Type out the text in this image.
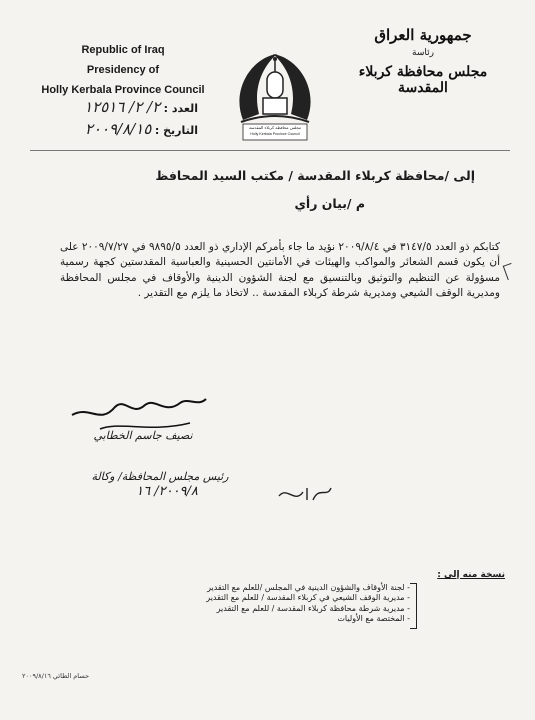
Republic of Iraq
Presidency of
Holly Kerbala Province Council
العدد : ٢/ ٢/ ١٢٥١٦
التاريخ : ٢٠٠٩/٨/١٥	مجلس محافظة كربلاء المقدسة
Holly Kerbala Province Council
جمهورية العراق
رئاسة
مجلس محافظة كربلاء المقدسة
إلى /محافظة كربلاء المقدسة / مكتب السيد المحافظ
م /بيان رأي
كتابكم ذو العدد ٣١٤٧/٥ في ٢٠٠٩/٨/٤ نؤيد ما جاء بأمركم الإداري ذو العدد ٩٨٩٥/٥ في ٢٠٠٩/٧/٢٧ على أن يكون قسم الشعائر والمواكب والهيئات في الأمانتين الحسينية والعباسية المقدستين كجهة رسمية مسؤولة عن التنظيم والتوثيق وبالتنسيق مع لجنة الشؤون الدينية والأوقاف في مجلس المحافظة ومديرية الوقف الشيعي ومديرية شرطة كربلاء المقدسة .. لاتخاذ ما يلزم مع التقدير .
نصيف جاسم الخطابي
رئيس مجلس المحافظة/ وكالة
٢٠٠٩/٨/ ١٦
نسخة منه إلى :
- لجنة الأوقاف والشؤون الدينية في المجلس /للعلم مع التقدير
- مديرية الوقف الشيعي في كربلاء المقدسة / للعلم مع التقدير
- مديرية شرطة محافظة كربلاء المقدسة / للعلم مع التقدير
- المختصة مع الأوليات
حسام الطائي ٢٠٠٩/٨/١٦
